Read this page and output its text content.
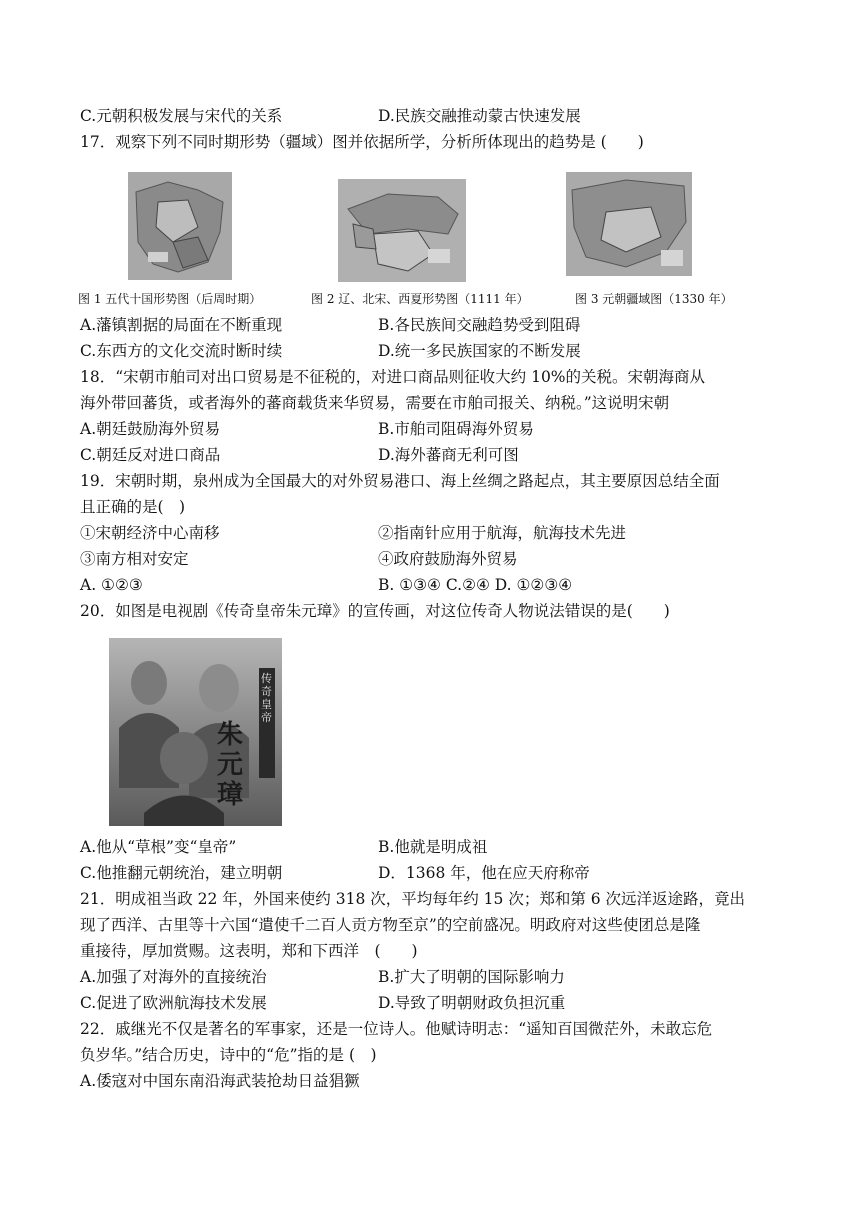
C.元朝积极发展与宋代的关系	D.民族交融推动蒙古快速发展
17．观察下列不同时期形势（疆域）图并依据所学，分析所体现出的趋势是 (　　)
图 1 五代十国形势图（后周时期）	图 2 辽、北宋、西夏形势图（1111 年）	图 3 元朝疆域图（1330 年）
A.藩镇割据的局面在不断重现	B.各民族间交融趋势受到阻碍
C.东西方的文化交流时断时续	D.统一多民族国家的不断发展
18．“宋朝市舶司对出口贸易是不征税的，对进口商品则征收大约 10%的关税。宋朝海商从
海外带回蕃货，或者海外的蕃商载货来华贸易，需要在市舶司报关、纳税。”这说明宋朝
A.朝廷鼓励海外贸易	B.市舶司阻碍海外贸易
C.朝廷反对进口商品	D.海外蕃商无利可图
19．宋朝时期，泉州成为全国最大的对外贸易港口、海上丝绸之路起点，其主要原因总结全面
且正确的是(　)
①宋朝经济中心南移	②指南针应用于航海，航海技术先进
③南方相对安定	④政府鼓励海外贸易
A. ①②③	B. ①③④ C.②④ D. ①②③④
20．如图是电视剧《传奇皇帝朱元璋》的宣传画，对这位传奇人物说法错误的是(　　)
传奇皇帝
朱元璋
A.他从“草根”变“皇帝”	B.他就是明成祖
C.他推翻元朝统治，建立明朝	D．1368 年，他在应天府称帝
21．明成祖当政 22 年，外国来使约 318 次，平均每年约 15 次；郑和第 6 次远洋返途路，竟出
现了西洋、古里等十六国“遣使千二百人贡方物至京”的空前盛况。明政府对这些使团总是隆
重接待，厚加赏赐。这表明，郑和下西洋　(　　)
A.加强了对海外的直接统治	B.扩大了明朝的国际影响力
C.促进了欧洲航海技术发展	D.导致了明朝财政负担沉重
22．戚继光不仅是著名的军事家，还是一位诗人。他赋诗明志：“遥知百国微茫外，未敢忘危
负岁华。”结合历史，诗中的“危”指的是 (　)
A.倭寇对中国东南沿海武装抢劫日益猖獗
